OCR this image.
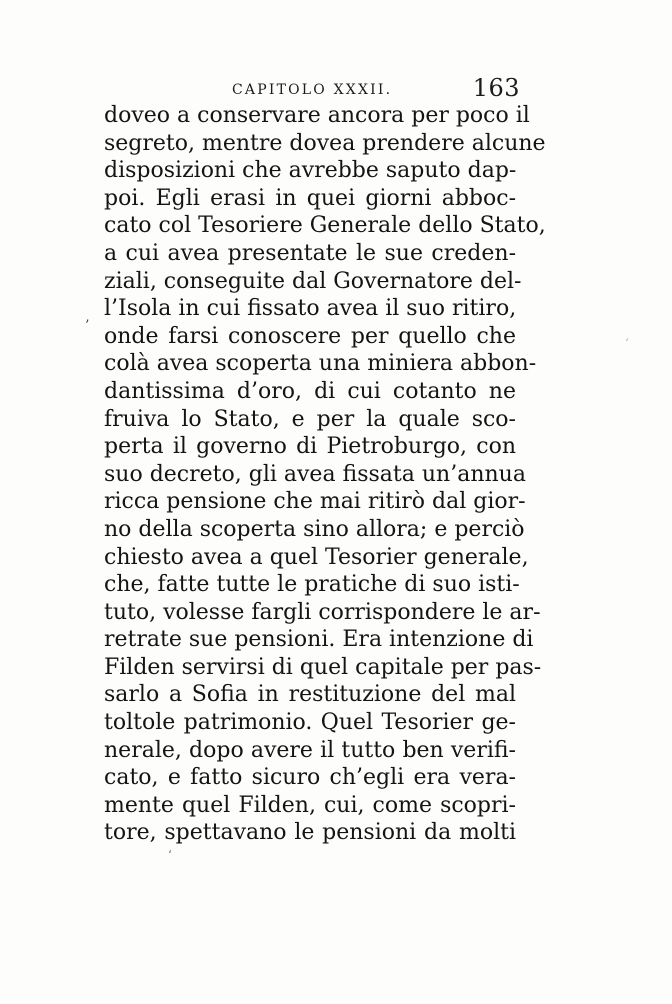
CAPITOLO XXXII.	163
doveo a conservare ancora per poco il
segreto, mentre dovea prendere alcune
disposizioni che avrebbe saputo dap-
poi. Egli erasi in quei giorni abboc-
cato col Tesoriere Generale dello Stato,
a cui avea presentate le sue creden-
ziali, conseguite dal Governatore del-
l’Isola in cui fissato avea il suo ritiro,
onde farsi conoscere per quello che
colà avea scoperta una miniera abbon-
dantissima d’oro, di cui cotanto ne
fruiva lo Stato, e per la quale sco-
perta il governo di Pietroburgo, con
suo decreto, gli avea fissata un’annua
ricca pensione che mai ritirò dal gior-
no della scoperta sino allora; e perciò
chiesto avea a quel Tesorier generale,
che, fatte tutte le pratiche di suo isti-
tuto, volesse fargli corrispondere le ar-
retrate sue pensioni. Era intenzione di
Filden servirsi di quel capitale per pas-
sarlo a Sofia in restituzione del mal
toltole patrimonio. Quel Tesorier ge-
nerale, dopo avere il tutto ben verifi-
cato, e fatto sicuro ch’egli era vera-
mente quel Filden, cui, come scopri-
tore, spettavano le pensioni da molti
’
‘
‘
